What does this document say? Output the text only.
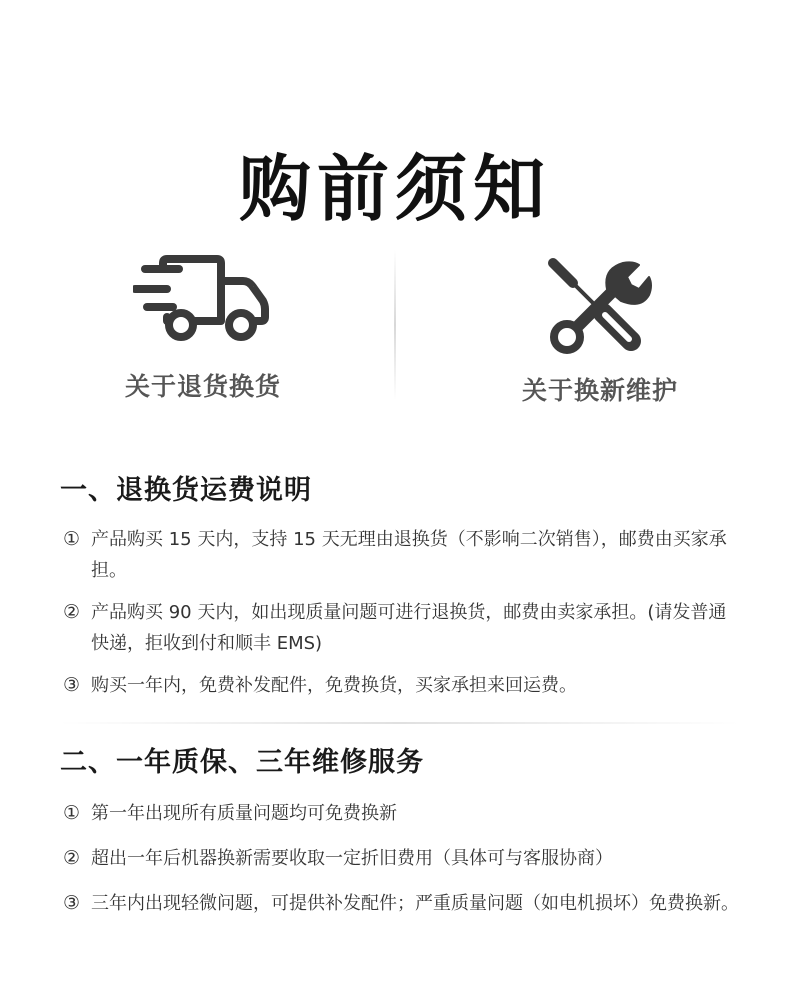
购前须知
关于退货换货	关于换新维护
一、退换货运费说明
① 产品购买 15 天内，支持 15 天无理由退换货（不影响二次销售），邮费由买家承担。
② 产品购买 90 天内，如出现质量问题可进行退换货，邮费由卖家承担。(请发普通快递，拒收到付和顺丰 EMS)
③ 购买一年内，免费补发配件，免费换货，买家承担来回运费。
二、一年质保、三年维修服务
① 第一年出现所有质量问题均可免费换新
② 超出一年后机器换新需要收取一定折旧费用（具体可与客服协商）
③ 三年内出现轻微问题，可提供补发配件；严重质量问题（如电机损坏）免费换新。
